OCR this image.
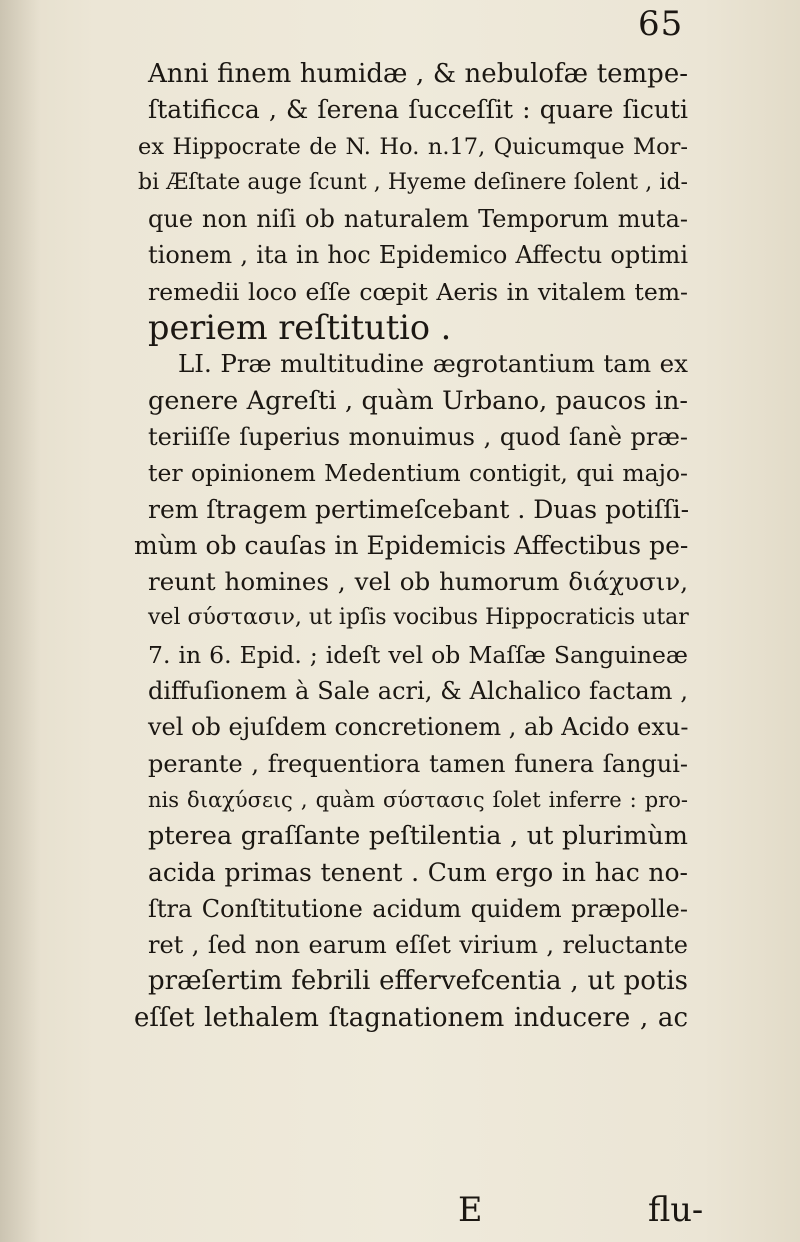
65
Anni finem humidæ , & nebulofæ tempe-
ſtatificca , & ſerena ſucceſſit : quare ſicuti
ex Hippocrate de N. Ho. n.17, Quicumque Mor-
bi Æſtate auge ſcunt , Hyeme deſinere ſolent , id-
que non niſi ob naturalem Temporum muta-
tionem , ita in hoc Epidemico Affectu optimi
remedii loco eſſe cœpit Aeris in vitalem tem-
periem reſtitutio .
LI. Præ multitudine ægrotantium tam ex
genere Agreſti , quàm Urbano, paucos in-
teriiſſe ſuperius monuimus , quod ſanè præ-
ter opinionem Medentium contigit, qui majo-
rem ſtragem pertimeſcebant . Duas potiſſi-
mùm ob cauſas in Epidemicis Affectibus pe-
reunt homines , vel ob humorum διάχυσιν,
vel σύστασιν, ut ipſis vocibus Hippocraticis utar
7. in 6. Epid. ; ideſt vel ob Maſſæ Sanguineæ
diffuſionem à Sale acri, & Alchalico factam ,
vel ob ejuſdem concretionem , ab Acido exu-
perante , frequentiora tamen funera ſangui-
nis διαχύσεις , quàm σύστασις ſolet inferre : pro-
pterea graſſante peſtilentia , ut plurimùm
acida primas tenent . Cum ergo in hac no-
ſtra Conſtitutione acidum quidem præpolle-
ret , ſed non earum eſſet virium , reluctante
præſertim febrili effervefcentia , ut potis
eſſet lethalem ſtagnationem inducere , ac
E	flu-
